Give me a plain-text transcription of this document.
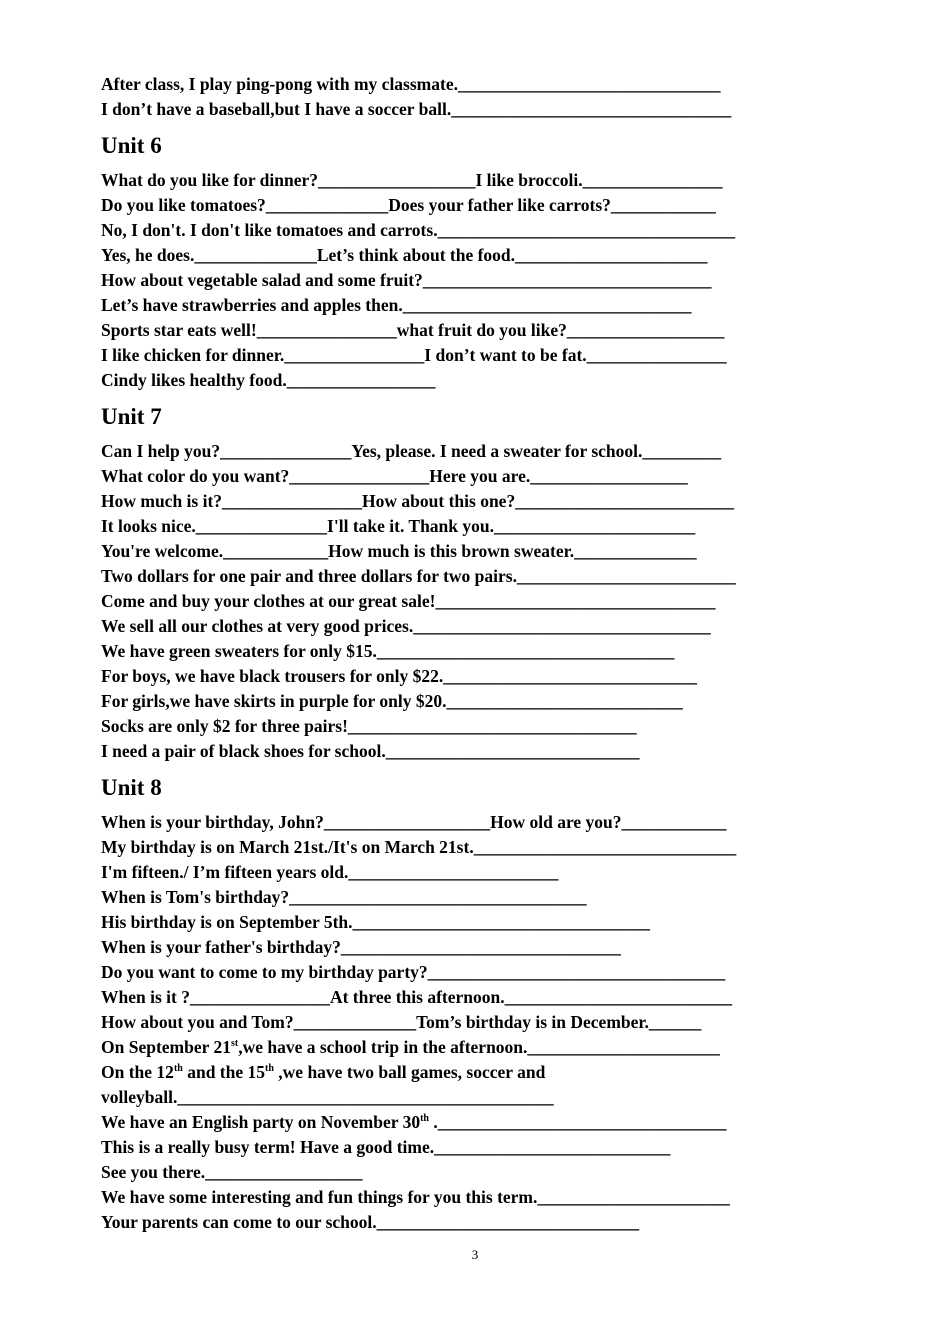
After class, I play ping-pong with my classmate.______________________________
I don’t have a baseball,but I have a soccer ball.________________________________
Unit 6
What do you like for dinner?__________________I like broccoli.________________
Do you like tomatoes?______________Does your father like carrots?____________
No, I don't. I don't like tomatoes and carrots.__________________________________
Yes, he does.______________Let’s think about the food.______________________
How about vegetable salad and some fruit?_________________________________
Let’s have strawberries and apples then._________________________________
Sports star eats well!________________what fruit do you like?__________________
I like chicken for dinner.________________I don’t want to be fat.________________
Cindy likes healthy food._________________
Unit 7
Can I help you?_______________Yes, please. I need a sweater for school._________
What color do you want?________________Here you are.__________________
How much is it?________________How about this one?_________________________
It looks nice._______________I'll take it. Thank you._______________________
You're welcome.____________How much is this brown sweater.______________
Two dollars for one pair and three dollars for two pairs._________________________
Come and buy your clothes at our great sale!________________________________
We sell all our clothes at very good prices.__________________________________
We have green sweaters for only $15.__________________________________
For boys, we have black trousers for only $22._____________________________
For girls,we have skirts in purple for only $20.___________________________
Socks are only $2 for three pairs!_________________________________
I need a pair of black shoes for school._____________________________
Unit 8
When is your birthday, John?___________________How old are you?____________
My birthday is on March 21st./It's on March 21st.______________________________
I'm fifteen./ I’m fifteen years old.________________________
When is Tom's birthday?__________________________________
His birthday is on September 5th.__________________________________
When is your father's birthday?________________________________
Do you want to come to my birthday party?__________________________________
When is it ?________________At three this afternoon.__________________________
How about you and Tom?______________Tom’s birthday is in December.______
On September 21st,we have a school trip in the afternoon.______________________
On the 12th and the 15th ,we have two ball games, soccer and volleyball.___________________________________________
We have an English party on November 30th ._________________________________
This is a really busy term! Have a good time.___________________________
See you there.__________________
We have some interesting and fun things for you this term.______________________
Your parents can come to our school.______________________________
3
